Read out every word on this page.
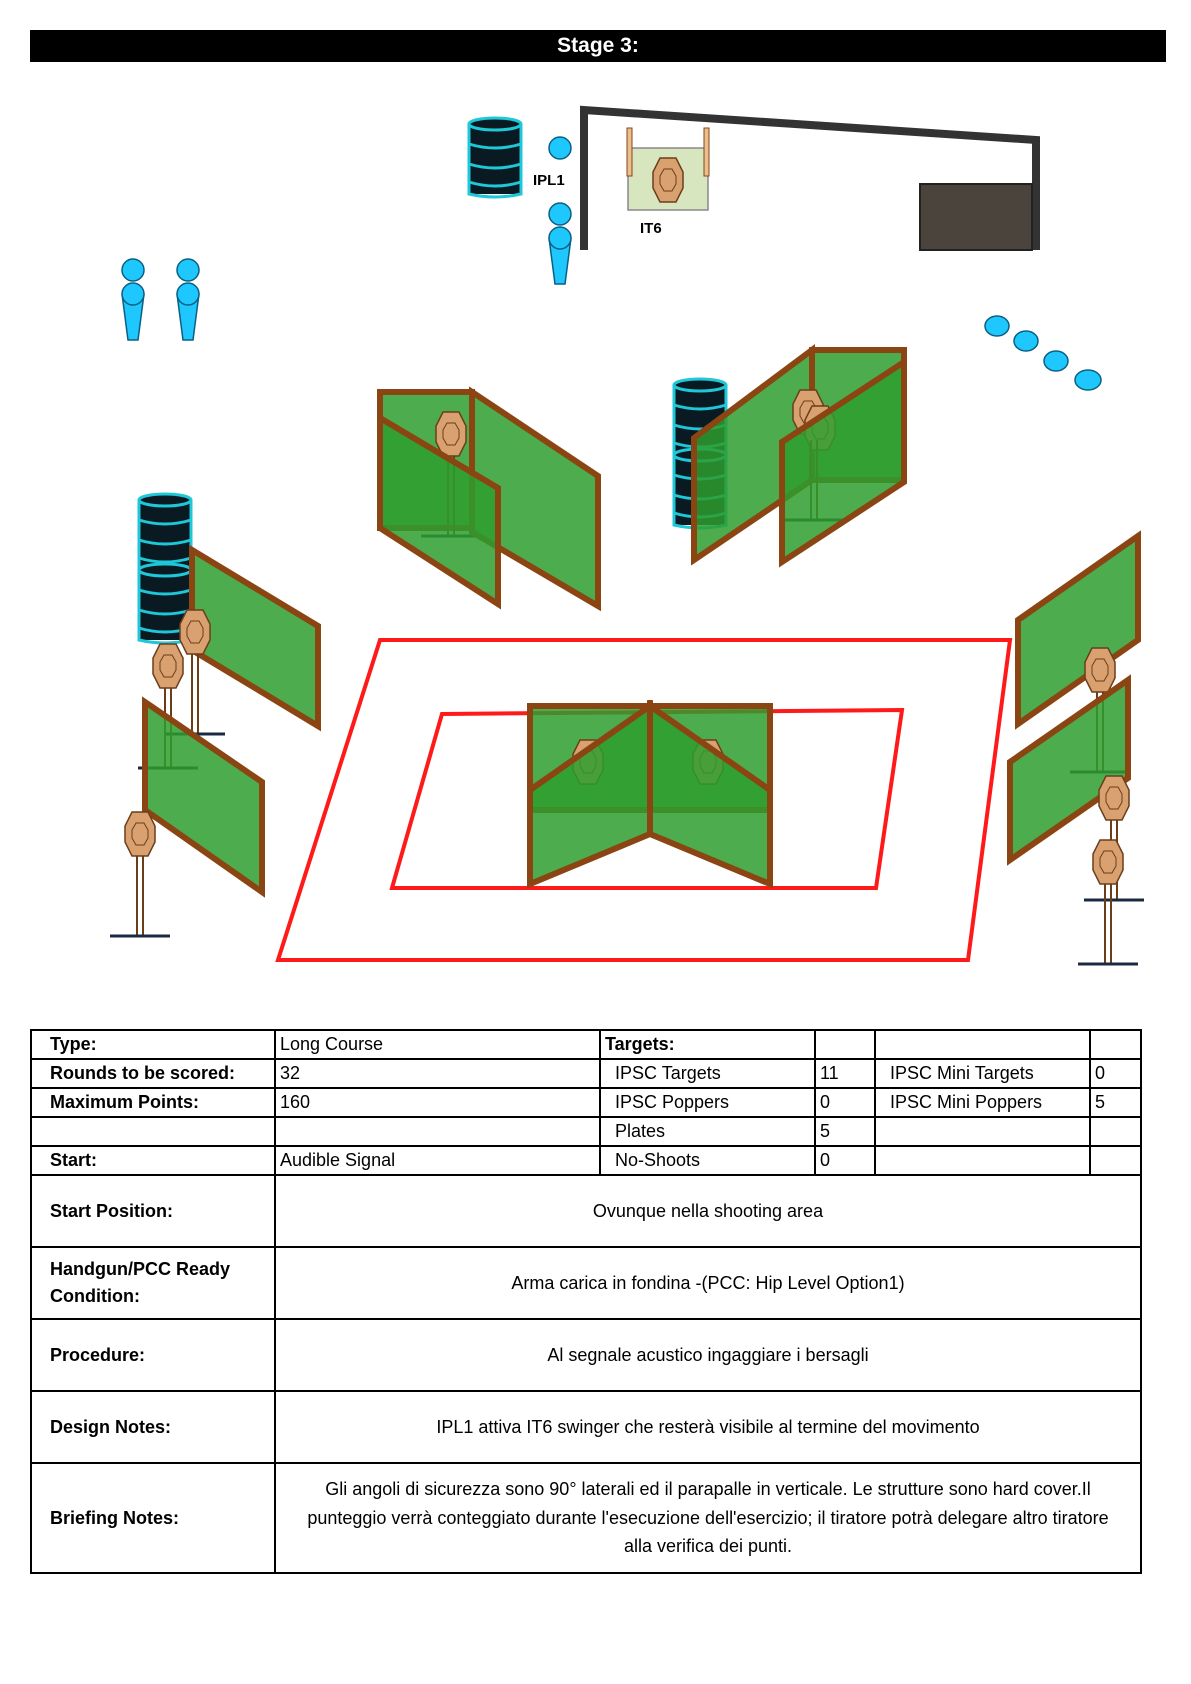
Stage 3:
IT6
IPL1
Type:	Long Course	Targets:			
Rounds to be scored:	32	IPSC Targets	11	IPSC Mini Targets	0
Maximum Points:	160	IPSC Poppers	0	IPSC Mini Poppers	5
		Plates	5		
Start:	Audible Signal	No-Shoots	0		
Start Position:	Ovunque nella shooting area				
Handgun/PCC Ready Condition:	Arma carica in fondina -(PCC: Hip Level Option1)				
Procedure:	Al segnale acustico ingaggiare i bersagli				
Design Notes:	IPL1 attiva IT6 swinger che resterà visibile al termine del movimento				
Briefing Notes:	Gli angoli di sicurezza sono 90° laterali ed il parapalle in verticale. Le strutture sono hard cover.Il punteggio verrà conteggiato durante l'esecuzione dell'esercizio; il tiratore potrà delegare altro tiratore alla verifica dei punti.				
